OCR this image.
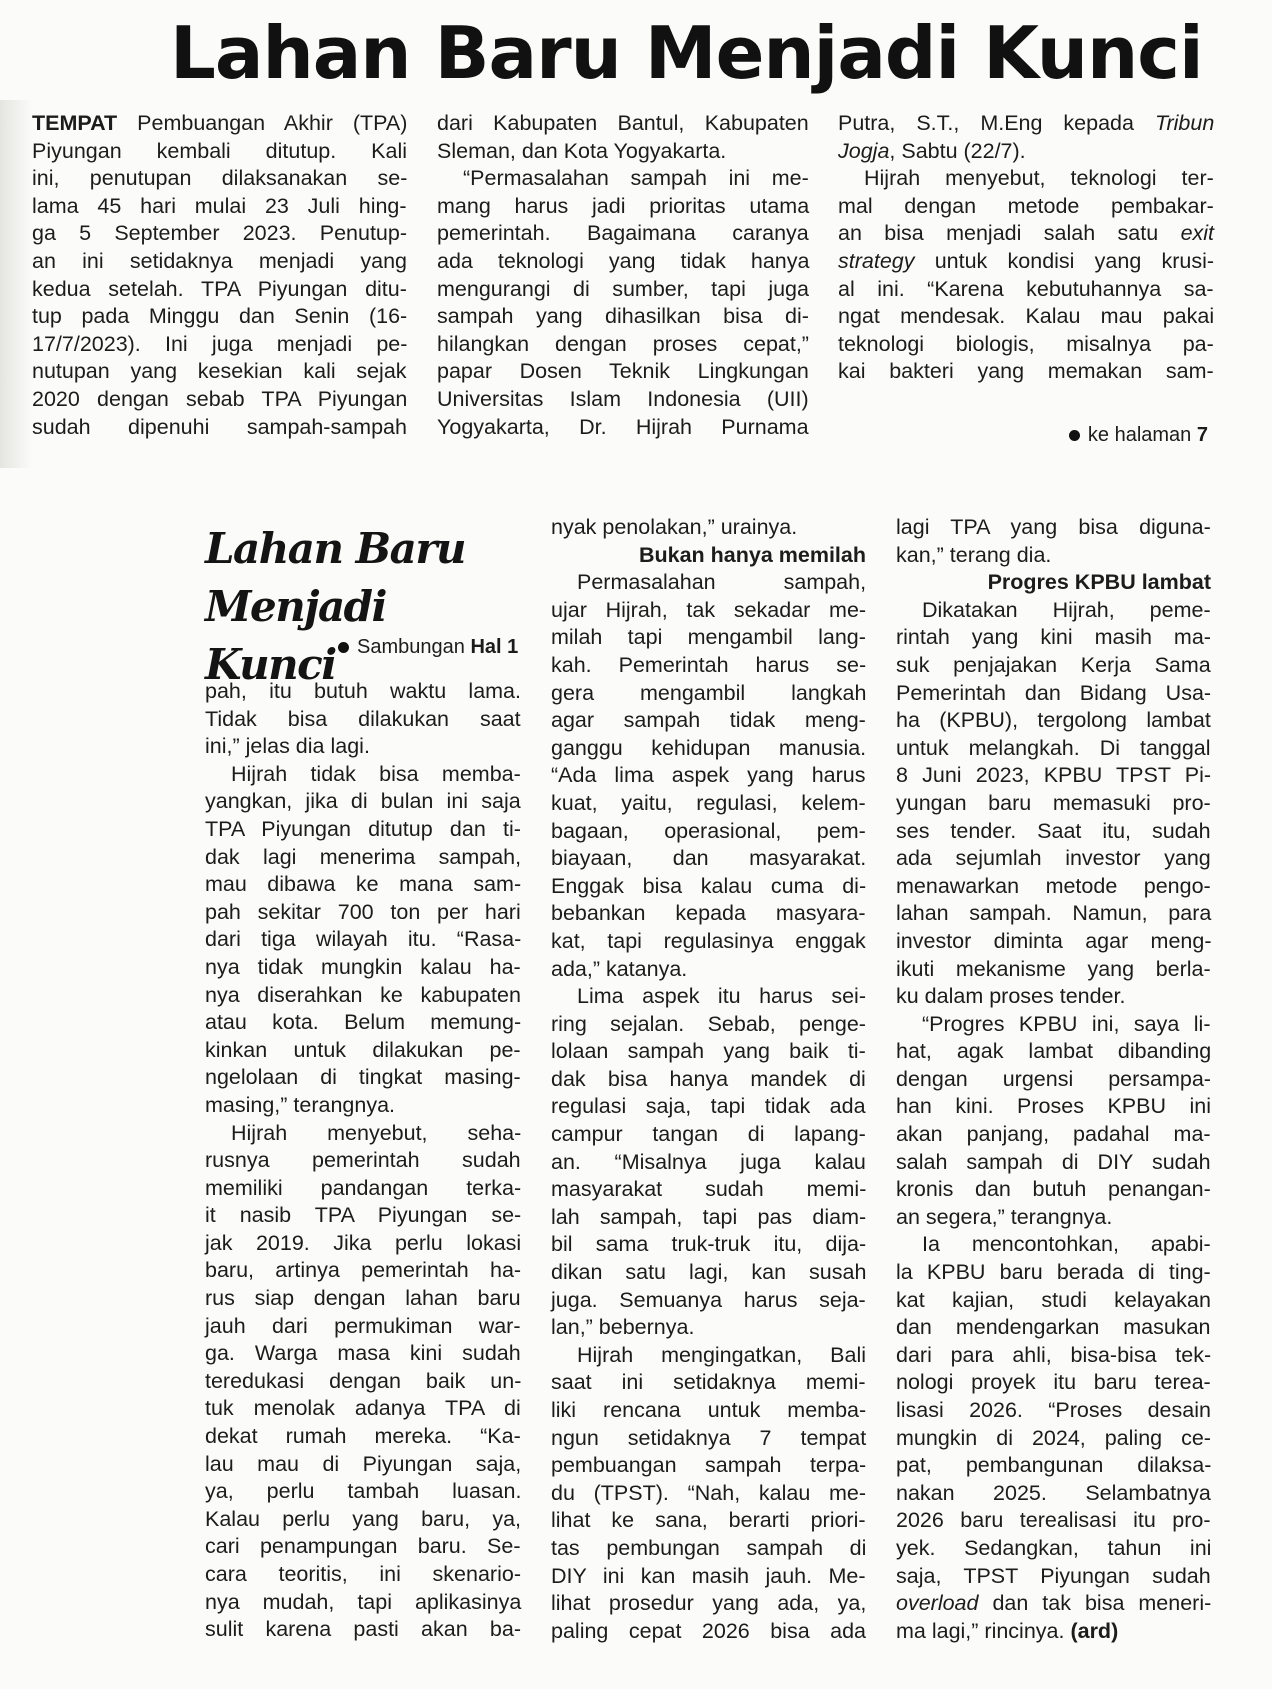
Lahan Baru Menjadi Kunci
TEMPAT Pembuangan Akhir (TPA)
Piyungan kembali ditutup. Kali
ini, penutupan dilaksanakan se-
lama 45 hari mulai 23 Juli hing-
ga 5 September 2023. Penutup-
an ini setidaknya menjadi yang
kedua setelah. TPA Piyungan ditu-
tup pada Minggu dan Senin (16-
17/7/2023). Ini juga menjadi pe-
nutupan yang kesekian kali sejak
2020 dengan sebab TPA Piyungan
sudah dipenuhi sampah-sampah
dari Kabupaten Bantul, Kabupaten
Sleman, dan Kota Yogyakarta.
“Permasalahan sampah ini me-
mang harus jadi prioritas utama
pemerintah. Bagaimana caranya
ada teknologi yang tidak hanya
mengurangi di sumber, tapi juga
sampah yang dihasilkan bisa di-
hilangkan dengan proses cepat,”
papar Dosen Teknik Lingkungan
Universitas Islam Indonesia (UII)
Yogyakarta, Dr. Hijrah Purnama
Putra, S.T., M.Eng kepada Tribun
Jogja, Sabtu (22/7).
Hijrah menyebut, teknologi ter-
mal dengan metode pembakar-
an bisa menjadi salah satu exit
strategy untuk kondisi yang krusi-
al ini. “Karena kebutuhannya sa-
ngat mendesak. Kalau mau pakai
teknologi biologis, misalnya pa-
kai bakteri yang memakan sam-
ke halaman 7
Lahan Baru Menjadi Kunci	Sambungan Hal 1
pah, itu butuh waktu lama.
Tidak bisa dilakukan saat
ini,” jelas dia lagi.
Hijrah tidak bisa memba-
yangkan, jika di bulan ini saja
TPA Piyungan ditutup dan ti-
dak lagi menerima sampah,
mau dibawa ke mana sam-
pah sekitar 700 ton per hari
dari tiga wilayah itu. “Rasa-
nya tidak mungkin kalau ha-
nya diserahkan ke kabupaten
atau kota. Belum memung-
kinkan untuk dilakukan pe-
ngelolaan di tingkat masing-
masing,” terangnya.
Hijrah menyebut, seha-
rusnya pemerintah sudah
memiliki pandangan terka-
it nasib TPA Piyungan se-
jak 2019. Jika perlu lokasi
baru, artinya pemerintah ha-
rus siap dengan lahan baru
jauh dari permukiman war-
ga. Warga masa kini sudah
teredukasi dengan baik un-
tuk menolak adanya TPA di
dekat rumah mereka. “Ka-
lau mau di Piyungan saja,
ya, perlu tambah luasan.
Kalau perlu yang baru, ya,
cari penampungan baru. Se-
cara teoritis, ini skenario-
nya mudah, tapi aplikasinya
sulit karena pasti akan ba-
nyak penolakan,” urainya.
Bukan hanya memilah
Permasalahan sampah,
ujar Hijrah, tak sekadar me-
milah tapi mengambil lang-
kah. Pemerintah harus se-
gera mengambil langkah
agar sampah tidak meng-
ganggu kehidupan manusia.
“Ada lima aspek yang harus
kuat, yaitu, regulasi, kelem-
bagaan, operasional, pem-
biayaan, dan masyarakat.
Enggak bisa kalau cuma di-
bebankan kepada masyara-
kat, tapi regulasinya enggak
ada,” katanya.
Lima aspek itu harus sei-
ring sejalan. Sebab, penge-
lolaan sampah yang baik ti-
dak bisa hanya mandek di
regulasi saja, tapi tidak ada
campur tangan di lapang-
an. “Misalnya juga kalau
masyarakat sudah memi-
lah sampah, tapi pas diam-
bil sama truk-truk itu, dija-
dikan satu lagi, kan susah
juga. Semuanya harus seja-
lan,” bebernya.
Hijrah mengingatkan, Bali
saat ini setidaknya memi-
liki rencana untuk memba-
ngun setidaknya 7 tempat
pembuangan sampah terpa-
du (TPST). “Nah, kalau me-
lihat ke sana, berarti priori-
tas pembungan sampah di
DIY ini kan masih jauh. Me-
lihat prosedur yang ada, ya,
paling cepat 2026 bisa ada
lagi TPA yang bisa diguna-
kan,” terang dia.
Progres KPBU lambat
Dikatakan Hijrah, peme-
rintah yang kini masih ma-
suk penjajakan Kerja Sama
Pemerintah dan Bidang Usa-
ha (KPBU), tergolong lambat
untuk melangkah. Di tanggal
8 Juni 2023, KPBU TPST Pi-
yungan baru memasuki pro-
ses tender. Saat itu, sudah
ada sejumlah investor yang
menawarkan metode pengo-
lahan sampah. Namun, para
investor diminta agar meng-
ikuti mekanisme yang berla-
ku dalam proses tender.
“Progres KPBU ini, saya li-
hat, agak lambat dibanding
dengan urgensi persampa-
han kini. Proses KPBU ini
akan panjang, padahal ma-
salah sampah di DIY sudah
kronis dan butuh penangan-
an segera,” terangnya.
Ia mencontohkan, apabi-
la KPBU baru berada di ting-
kat kajian, studi kelayakan
dan mendengarkan masukan
dari para ahli, bisa-bisa tek-
nologi proyek itu baru terea-
lisasi 2026. “Proses desain
mungkin di 2024, paling ce-
pat, pembangunan dilaksa-
nakan 2025. Selambatnya
2026 baru terealisasi itu pro-
yek. Sedangkan, tahun ini
saja, TPST Piyungan sudah
overload dan tak bisa meneri-
ma lagi,” rincinya. (ard)
